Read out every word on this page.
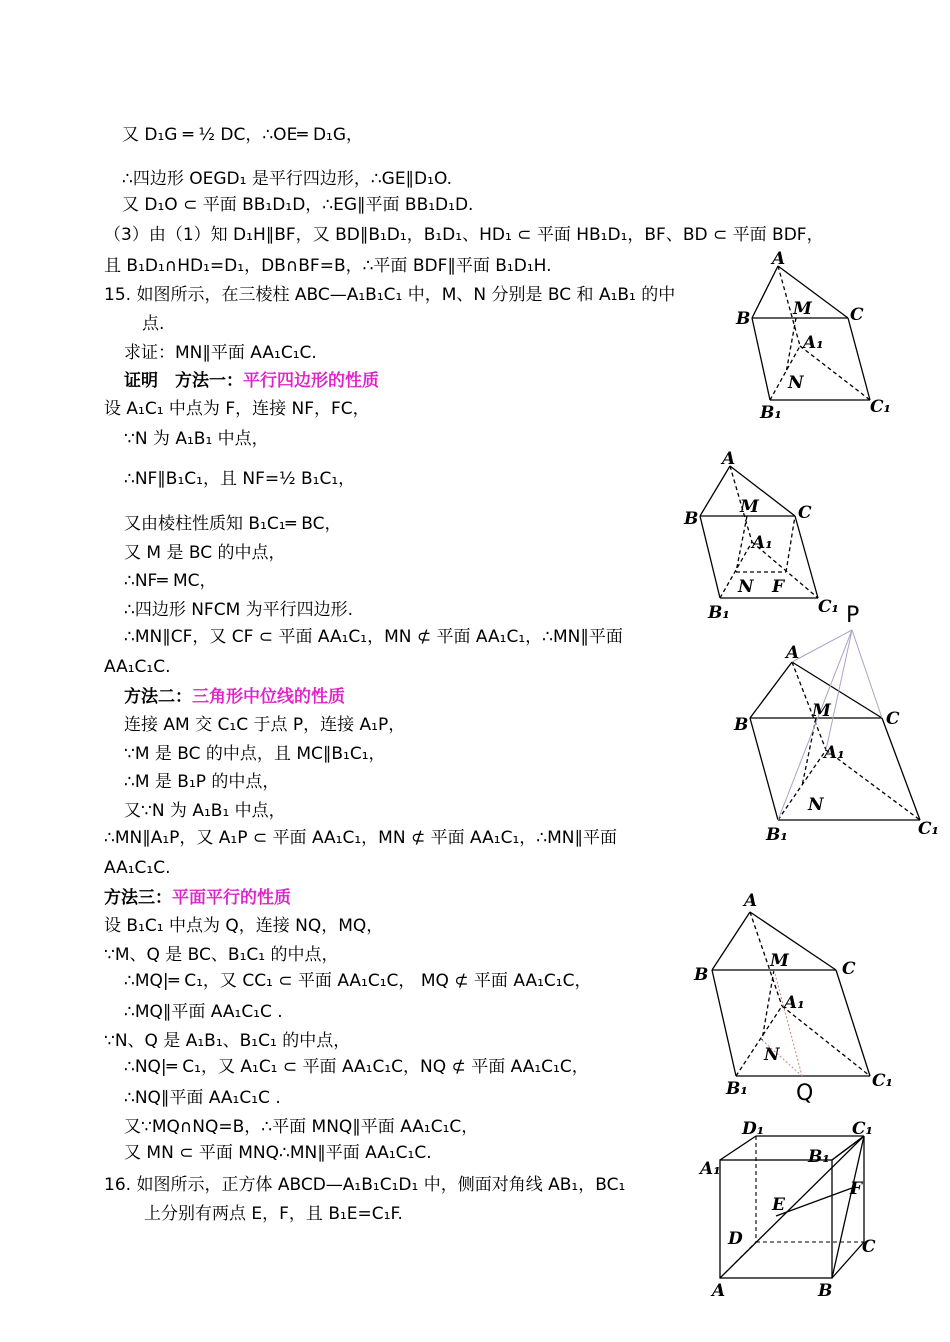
又 D₁G ═ ½ DC，∴OE═ D₁G，
∴四边形 OEGD₁ 是平行四边形，∴GE∥D₁O.
又 D₁O ⊂ 平面 BB₁D₁D，∴EG∥平面 BB₁D₁D.
（3）由（1）知 D₁H∥BF，又 BD∥B₁D₁，B₁D₁、HD₁ ⊂ 平面 HB₁D₁，BF、BD ⊂ 平面 BDF，
且 B₁D₁∩HD₁=D₁，DB∩BF=B，∴平面 BDF∥平面 B₁D₁H.
15. 如图所示，在三棱柱 ABC—A₁B₁C₁ 中，M、N 分别是 BC 和 A₁B₁ 的中
点.
求证：MN∥平面 AA₁C₁C.
证明　方法一：平行四边形的性质
设 A₁C₁ 中点为 F，连接 NF，FC，
∵N 为 A₁B₁ 中点，
∴NF∥B₁C₁，且 NF=½ B₁C₁，
又由棱柱性质知 B₁C₁═ BC，
又 M 是 BC 的中点，
∴NF═ MC，
∴四边形 NFCM 为平行四边形.
∴MN∥CF，又 CF ⊂ 平面 AA₁C₁，MN ⊄ 平面 AA₁C₁，∴MN∥平面
AA₁C₁C.
方法二：三角形中位线的性质
连接 AM 交 C₁C 于点 P，连接 A₁P，
∵M 是 BC 的中点，且 MC∥B₁C₁，
∴M 是 B₁P 的中点，
又∵N 为 A₁B₁ 中点，
∴MN∥A₁P，又 A₁P ⊂ 平面 AA₁C₁，MN ⊄ 平面 AA₁C₁，∴MN∥平面
AA₁C₁C.
方法三：平面平行的性质
设 B₁C₁ 中点为 Q，连接 NQ，MQ，
∵M、Q 是 BC、B₁C₁ 的中点，
∴MQ|═ C₁，又 CC₁ ⊂ 平面 AA₁C₁C， MQ ⊄ 平面 AA₁C₁C，
∴MQ∥平面 AA₁C₁C .
∵N、Q 是 A₁B₁、B₁C₁ 的中点，
∴NQ|═ C₁，又 A₁C₁ ⊂ 平面 AA₁C₁C，NQ ⊄ 平面 AA₁C₁C，
∴NQ∥平面 AA₁C₁C .
又∵MQ∩NQ=B，∴平面 MNQ∥平面 AA₁C₁C，
又 MN ⊂ 平面 MNQ∴MN∥平面 AA₁C₁C.
16. 如图所示，正方体 ABCD—A₁B₁C₁D₁ 中，侧面对角线 AB₁，BC₁
上分别有两点 E，F，且 B₁E=C₁F.
A
B	M C
A₁
N
B₁	C₁
A
B
M C
A₁
N F
B₁	C₁ P
A
B
M	C
A₁
N
B₁	C₁
A
B
M	C
A₁
N
B₁ Q	C₁
D₁	C₁
A₁
B₁
E
F
D	C
A	B
